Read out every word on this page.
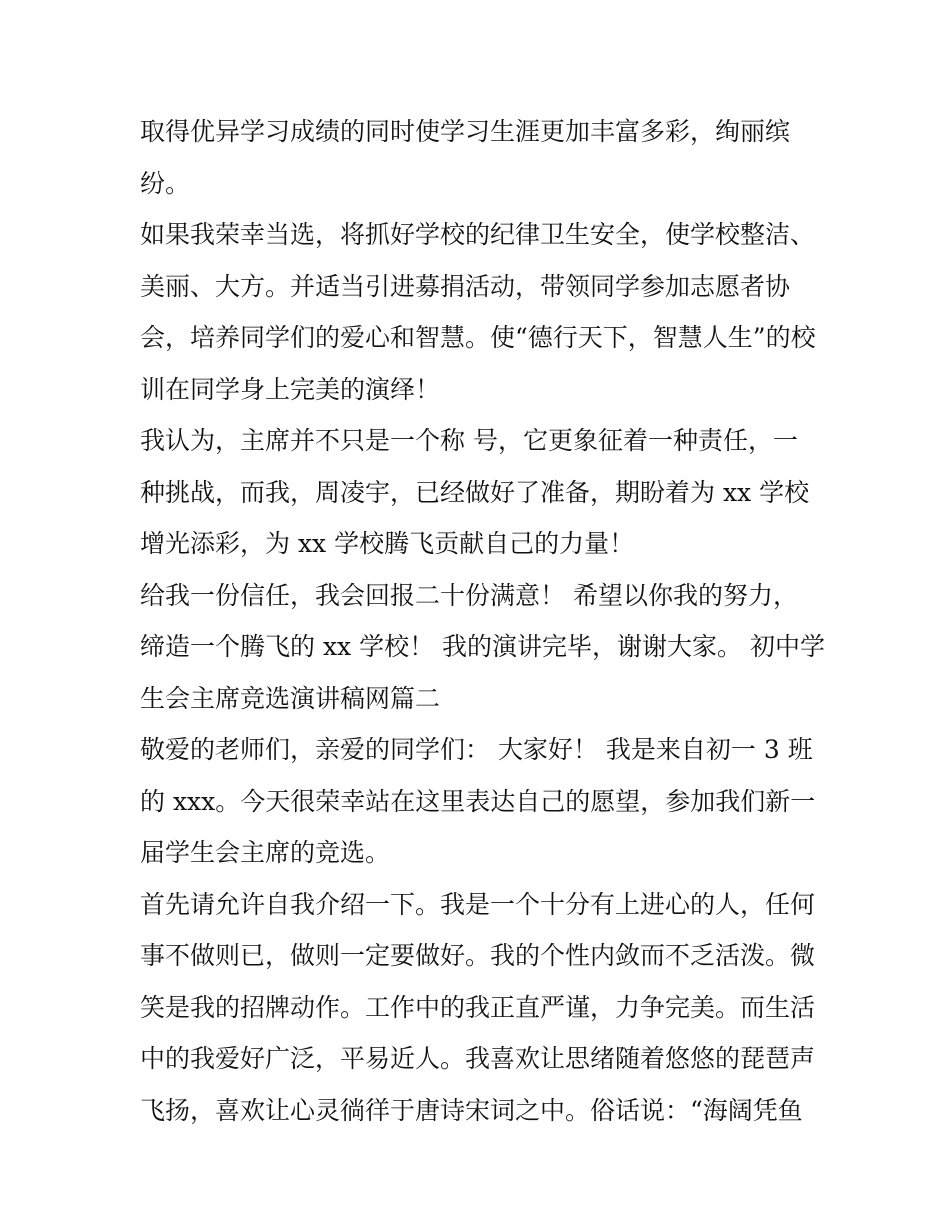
取得优异学习成绩的同时使学习生涯更加丰富多彩，绚丽缤
纷。
如果我荣幸当选，将抓好学校的纪律卫生安全，使学校整洁、
美丽、大方。并适当引进募捐活动，带领同学参加志愿者协
会，培养同学们的爱心和智慧。使“德行天下，智慧人生”的校
训在同学身上完美的演绎！
我认为，主席并不只是一个称 号，它更象征着一种责任，一
种挑战，而我，周凌宇，已经做好了准备，期盼着为 xx 学校
增光添彩，为 xx 学校腾飞贡献自己的力量！
给我一份信任，我会回报二十份满意！ 希望以你我的努力，
缔造一个腾飞的 xx 学校！ 我的演讲完毕，谢谢大家。 初中学
生会主席竞选演讲稿网篇二
敬爱的老师们，亲爱的同学们： 大家好！ 我是来自初一 3 班
的 xxx。今天很荣幸站在这里表达自己的愿望，参加我们新一
届学生会主席的竞选。
首先请允许自我介绍一下。我是一个十分有上进心的人，任何
事不做则已，做则一定要做好。我的个性内敛而不乏活泼。微
笑是我的招牌动作。工作中的我正直严谨，力争完美。而生活
中的我爱好广泛，平易近人。我喜欢让思绪随着悠悠的琵琶声
飞扬，喜欢让心灵徜徉于唐诗宋词之中。俗话说：“海阔凭鱼
